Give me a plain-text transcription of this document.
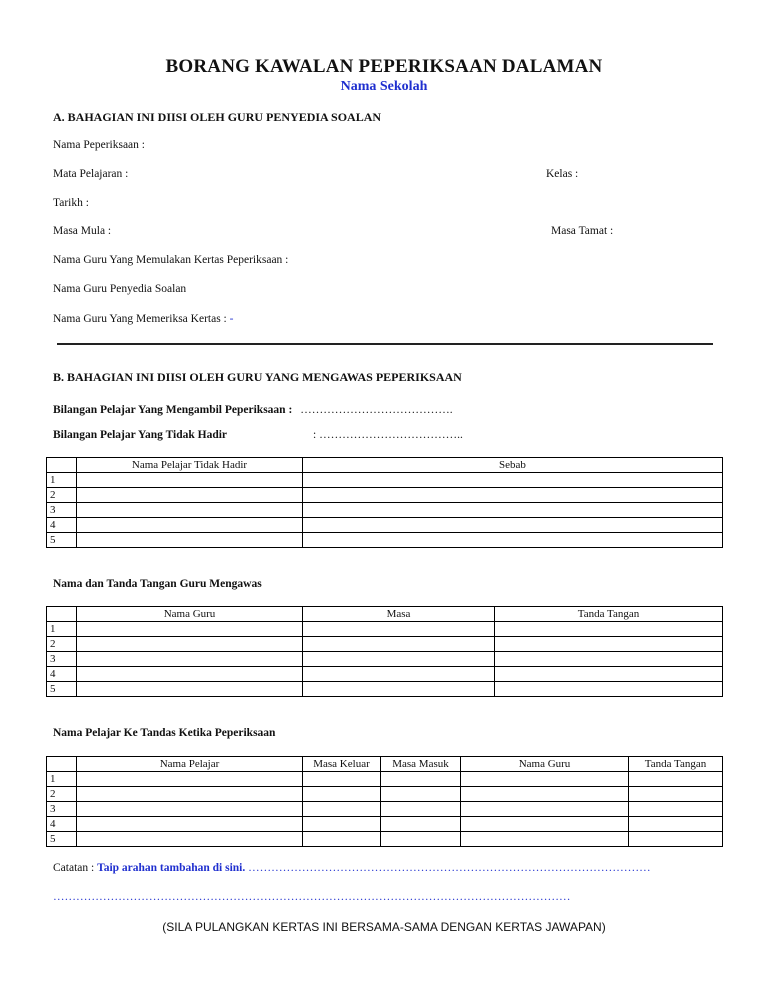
BORANG KAWALAN PEPERIKSAAN DALAMAN
Nama Sekolah
A. BAHAGIAN INI DIISI OLEH GURU PENYEDIA SOALAN
Nama Peperiksaan :
Mata Pelajaran :	Kelas :
Tarikh :
Masa Mula :	Masa Tamat :
Nama Guru Yang Memulakan Kertas Peperiksaan :
Nama Guru Penyedia Soalan
Nama Guru Yang Memeriksa Kertas : -
B. BAHAGIAN INI DIISI OLEH GURU YANG MENGAWAS PEPERIKSAAN
Bilangan Pelajar Yang Mengambil Peperiksaan : ………………………………….
Bilangan Pelajar Yang Tidak Hadir	: ………………………………..
	Nama Pelajar Tidak Hadir	Sebab
1		
2		
3		
4		
5		
Nama dan Tanda Tangan Guru Mengawas
	Nama Guru	Masa	Tanda Tangan
1			
2			
3			
4			
5			
Nama Pelajar Ke Tandas Ketika Peperiksaan
	Nama Pelajar	Masa Keluar	Masa Masuk	Nama Guru	Tanda Tangan
1					
2					
3					
4					
5					
Catatan : Taip arahan tambahan di sini. ……………………………………………………………………………………………
………………………………………………………………………………………………………………………
(SILA PULANGKAN KERTAS INI BERSAMA-SAMA DENGAN KERTAS JAWAPAN)
